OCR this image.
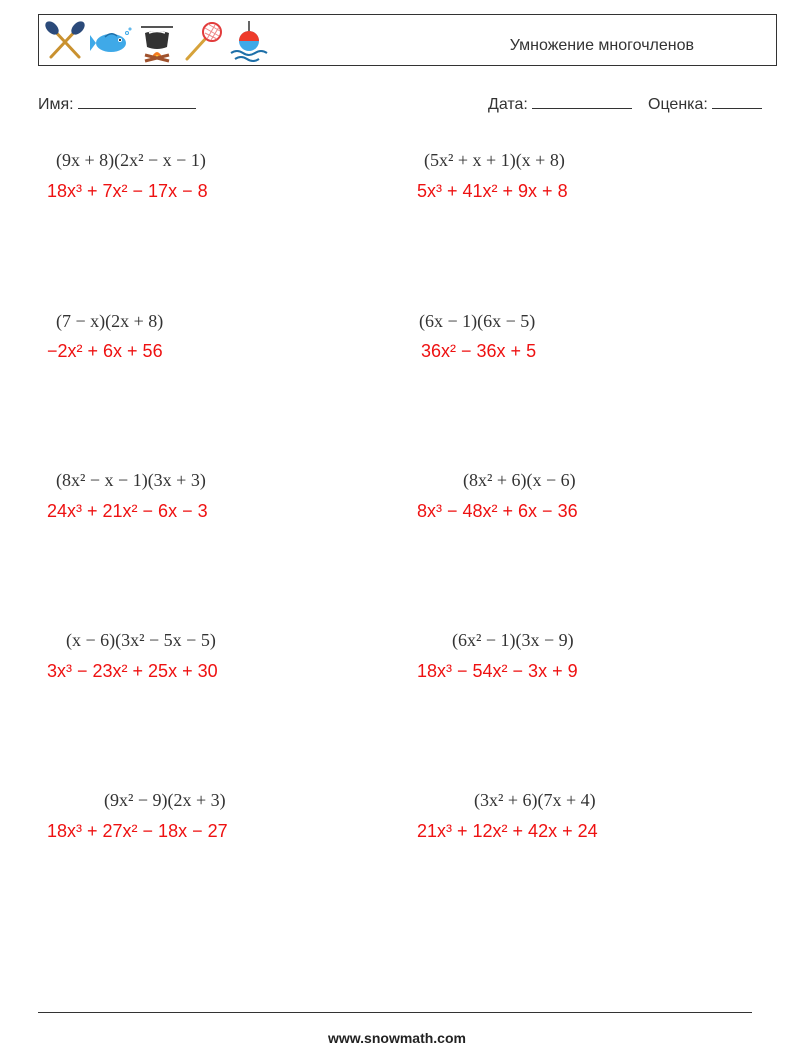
Умножение многочленов
Имя:	Дата:	Оценка:
(9x + 8)(2x² − x − 1)
18x³ + 7x² − 17x − 8
(5x² + x + 1)(x + 8)
5x³ + 41x² + 9x + 8
(7 − x)(2x + 8)
−2x² + 6x + 56
(6x − 1)(6x − 5)
36x² − 36x + 5
(8x² − x − 1)(3x + 3)
24x³ + 21x² − 6x − 3
(8x² + 6)(x − 6)
8x³ − 48x² + 6x − 36
(x − 6)(3x² − 5x − 5)
3x³ − 23x² + 25x + 30
(6x² − 1)(3x − 9)
18x³ − 54x² − 3x + 9
(9x² − 9)(2x + 3)
18x³ + 27x² − 18x − 27
(3x² + 6)(7x + 4)
21x³ + 12x² + 42x + 24
www.snowmath.com
